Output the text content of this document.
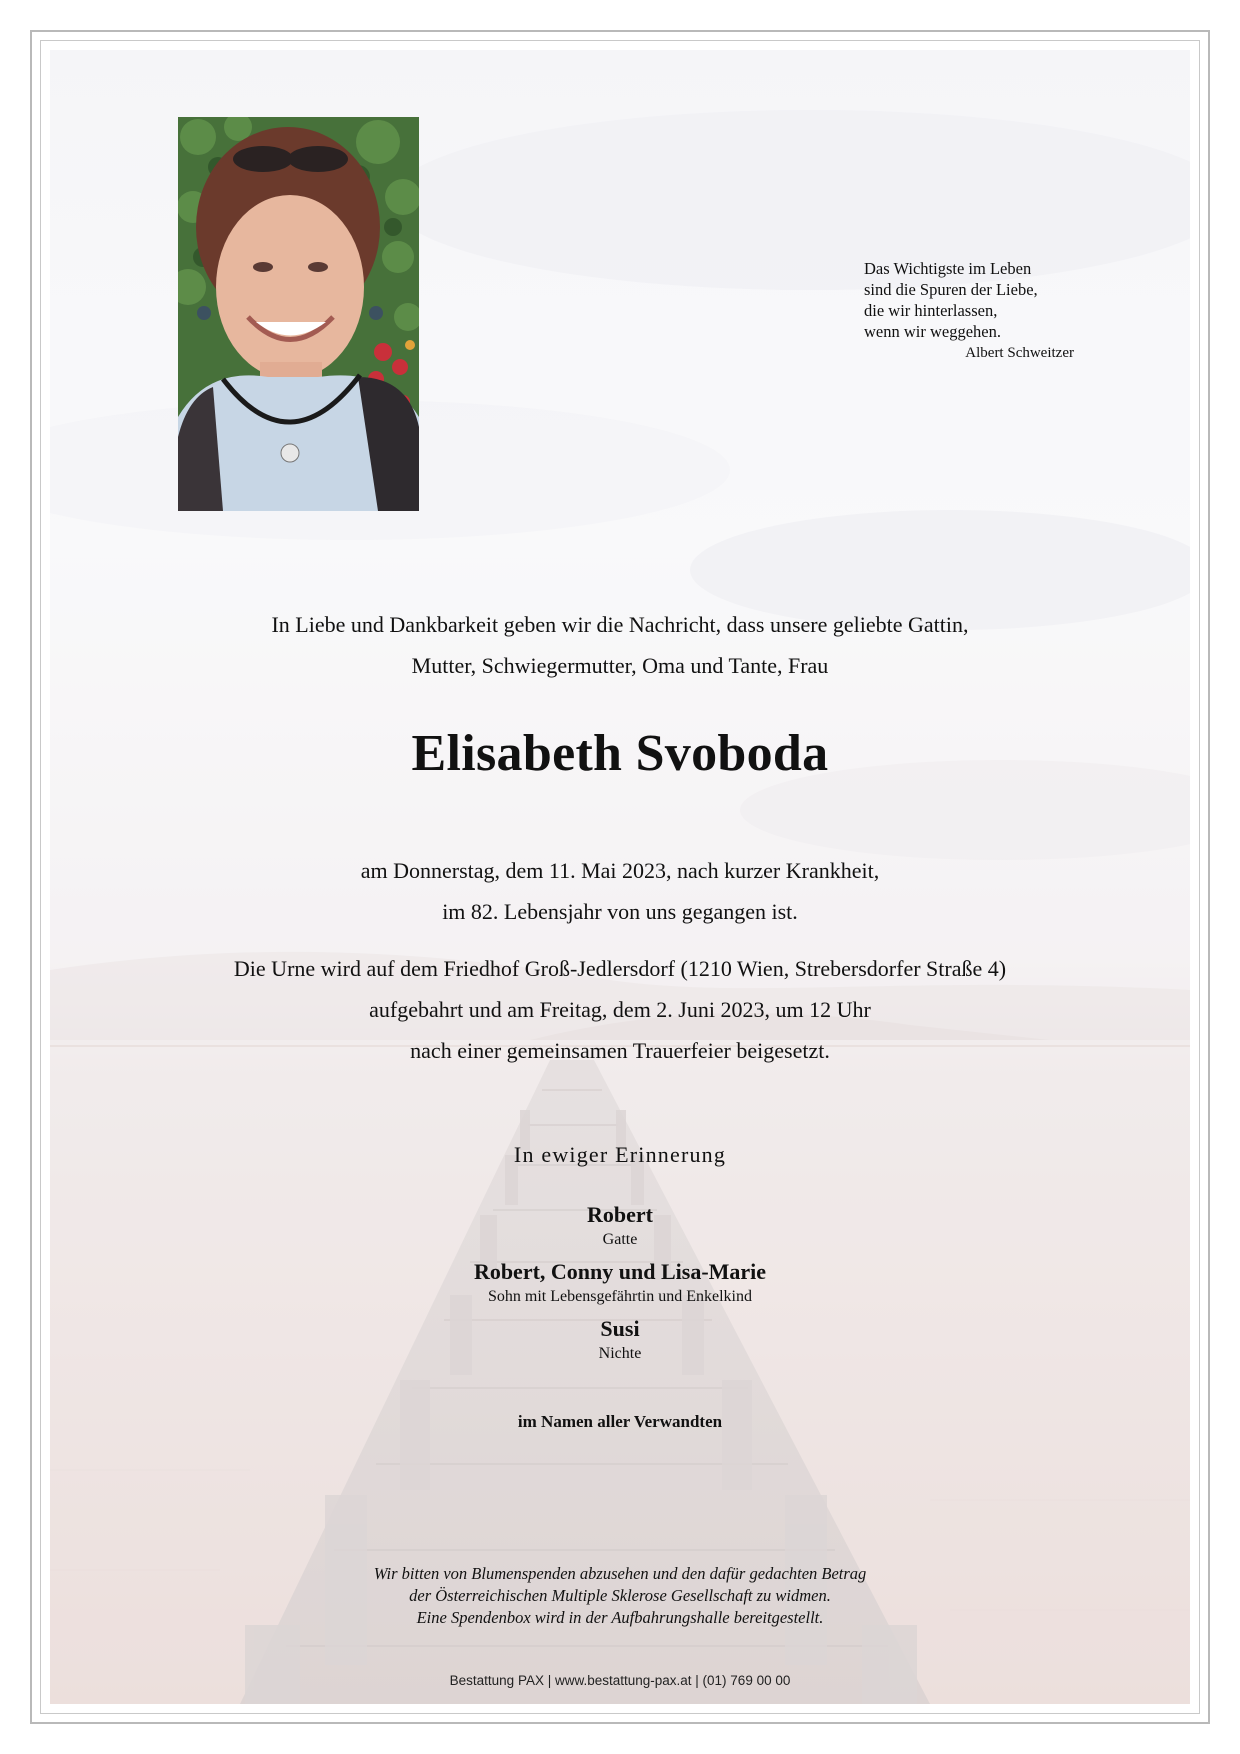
Das Wichtigste im Leben
sind die Spuren der Liebe,
die wir hinterlassen,
wenn wir weggehen.
Albert Schweitzer
In Liebe und Dankbarkeit geben wir die Nachricht, dass unsere geliebte Gattin,
Mutter, Schwiegermutter, Oma und Tante, Frau
Elisabeth Svoboda
am Donnerstag, dem 11. Mai 2023, nach kurzer Krankheit,
im 82. Lebensjahr von uns gegangen ist.
Die Urne wird auf dem Friedhof Groß-Jedlersdorf (1210 Wien, Strebersdorfer Straße 4)
aufgebahrt und am Freitag, dem 2. Juni 2023, um 12 Uhr
nach einer gemeinsamen Trauerfeier beigesetzt.
In ewiger Erinnerung
Robert
Gatte
Robert, Conny und Lisa-Marie
Sohn mit Lebensgefährtin und Enkelkind
Susi
Nichte
im Namen aller Verwandten
Wir bitten von Blumenspenden abzusehen und den dafür gedachten Betrag
der Österreichischen Multiple Sklerose Gesellschaft zu widmen.
Eine Spendenbox wird in der Aufbahrungshalle bereitgestellt.
Bestattung PAX | www.bestattung-pax.at | (01) 769 00 00
